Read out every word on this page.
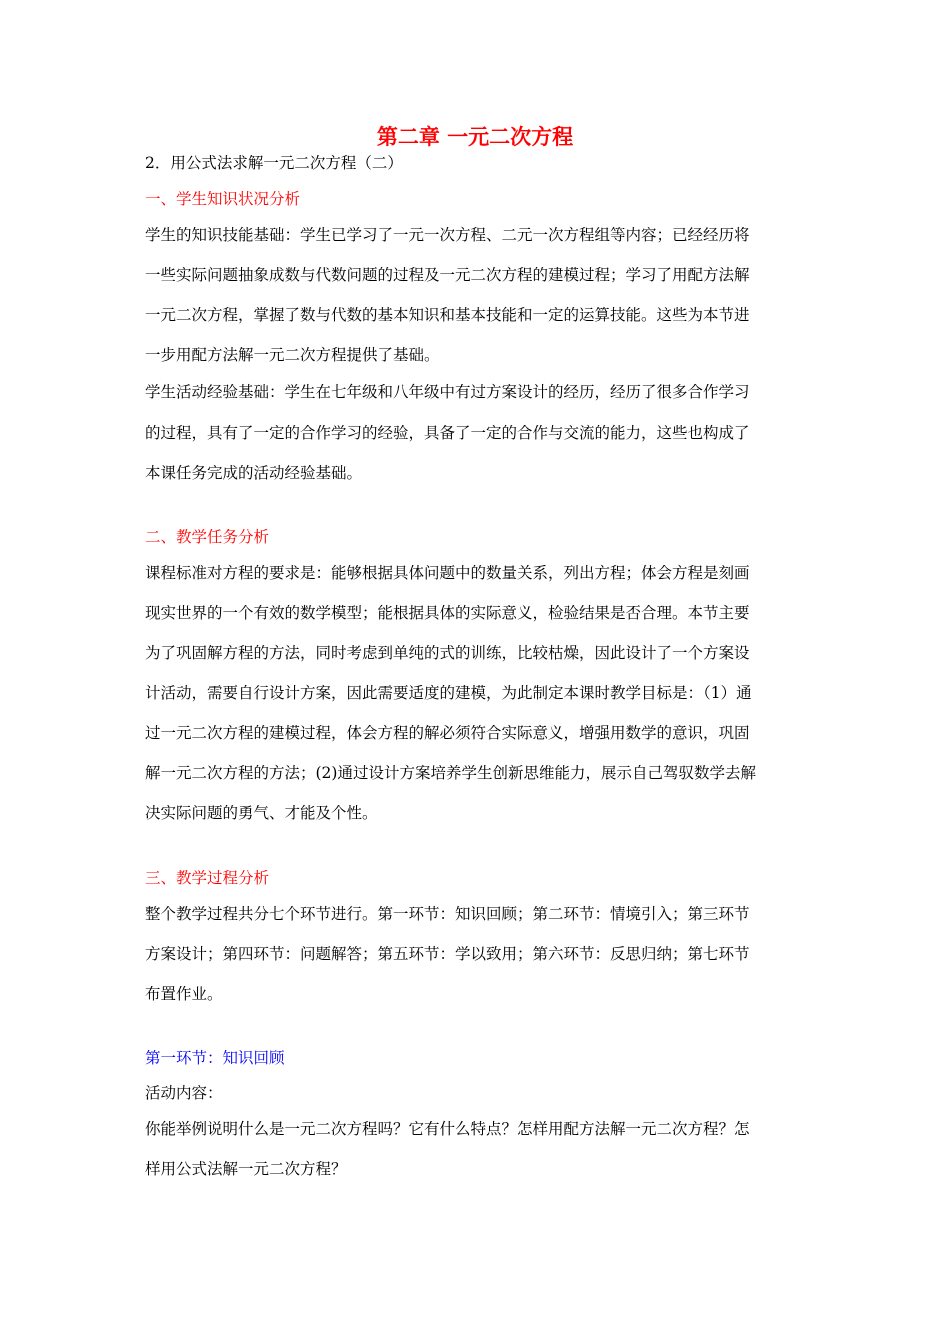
第二章 一元二次方程
2．用公式法求解一元二次方程（二）
一、学生知识状况分析
学生的知识技能基础：学生已学习了一元一次方程、二元一次方程组等内容；已经经历将
一些实际问题抽象成数与代数问题的过程及一元二次方程的建模过程；学习了用配方法解
一元二次方程，掌握了数与代数的基本知识和基本技能和一定的运算技能。这些为本节进
一步用配方法解一元二次方程提供了基础。
学生活动经验基础：学生在七年级和八年级中有过方案设计的经历，经历了很多合作学习
的过程，具有了一定的合作学习的经验，具备了一定的合作与交流的能力，这些也构成了
本课任务完成的活动经验基础。
二、教学任务分析
课程标准对方程的要求是：能够根据具体问题中的数量关系，列出方程；体会方程是刻画
现实世界的一个有效的数学模型；能根据具体的实际意义，检验结果是否合理。本节主要
为了巩固解方程的方法，同时考虑到单纯的式的训练，比较枯燥，因此设计了一个方案设
计活动，需要自行设计方案，因此需要适度的建模，为此制定本课时教学目标是：（1）通
过一元二次方程的建模过程，体会方程的解必须符合实际意义，增强用数学的意识，巩固
解一元二次方程的方法；(2)通过设计方案培养学生创新思维能力，展示自己驾驭数学去解
决实际问题的勇气、才能及个性。
三、教学过程分析
整个教学过程共分七个环节进行。第一环节：知识回顾；第二环节：情境引入；第三环节
方案设计；第四环节：问题解答；第五环节：学以致用；第六环节：反思归纳；第七环节
布置作业。
第一环节：知识回顾
活动内容：
你能举例说明什么是一元二次方程吗？它有什么特点？怎样用配方法解一元二次方程？怎
样用公式法解一元二次方程？
